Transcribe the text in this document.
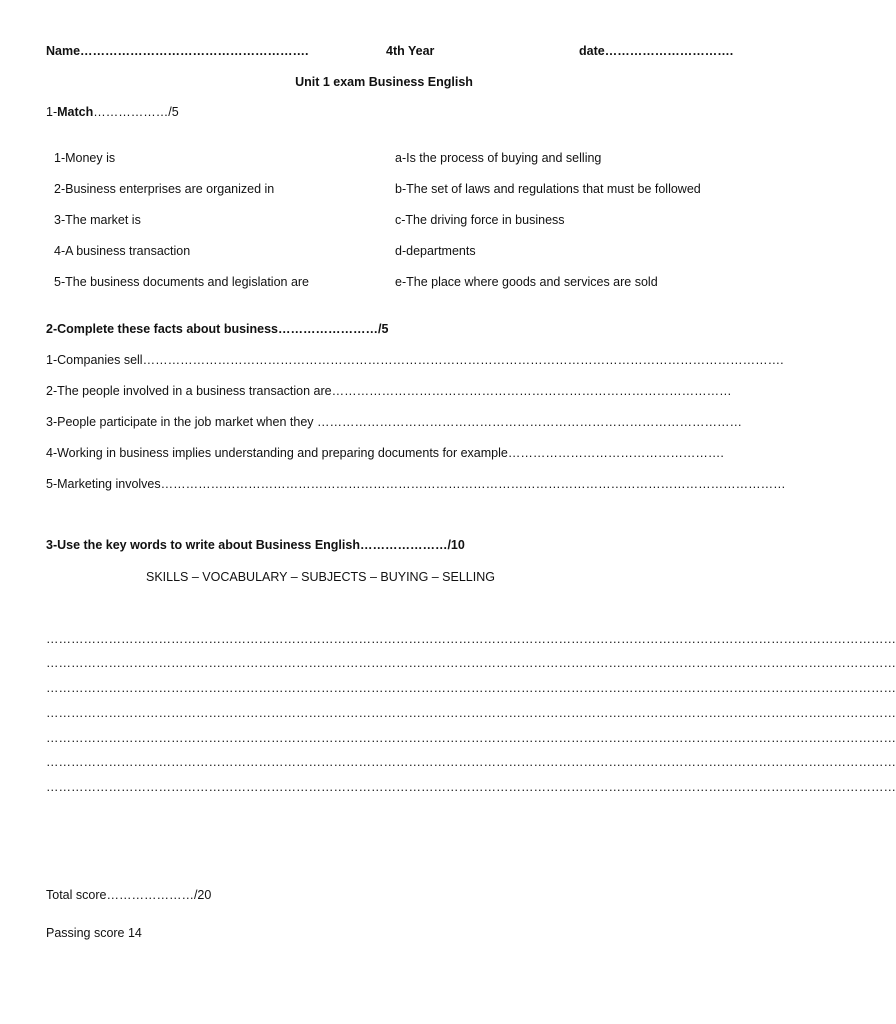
Name……………………………………………….	4th Year	date………………………….
Unit 1 exam Business English
1-Match………………/5
1-Money is
2-Business enterprises are organized in
3-The market is
4-A business transaction
5-The business documents and legislation are
a-Is the process of buying and selling
b-The set of laws and regulations that must be followed
c-The driving force in business
d-departments
e-The place where goods and services are sold
2-Complete these facts about business……………………/5
1-Companies sell……………………………………………………………………………………………………………………………………….
2-The people involved in a business transaction are……………………………………………………………………………………
3-People participate in the job market when they …………………………………………………………………………………………
4-Working in business implies understanding and preparing documents for example…………………………………………….
5-Marketing involves……………………………………………………………………………………………………………………………………
3-Use the key words to write about Business English…………………/10
SKILLS – VOCABULARY – SUBJECTS – BUYING – SELLING
……………………………………………………………………………………………………………………………………………………………………………………
……………………………………………………………………………………………………………………………………………………………………………………
……………………………………………………………………………………………………………………………………………………………………………………
……………………………………………………………………………………………………………………………………………………………………………………
……………………………………………………………………………………………………………………………………………………………………………………
……………………………………………………………………………………………………………………………………………………………………………………
……………………………………………………………………………………………………………………………………………………………………………………
Total score…………………/20
Passing score 14
